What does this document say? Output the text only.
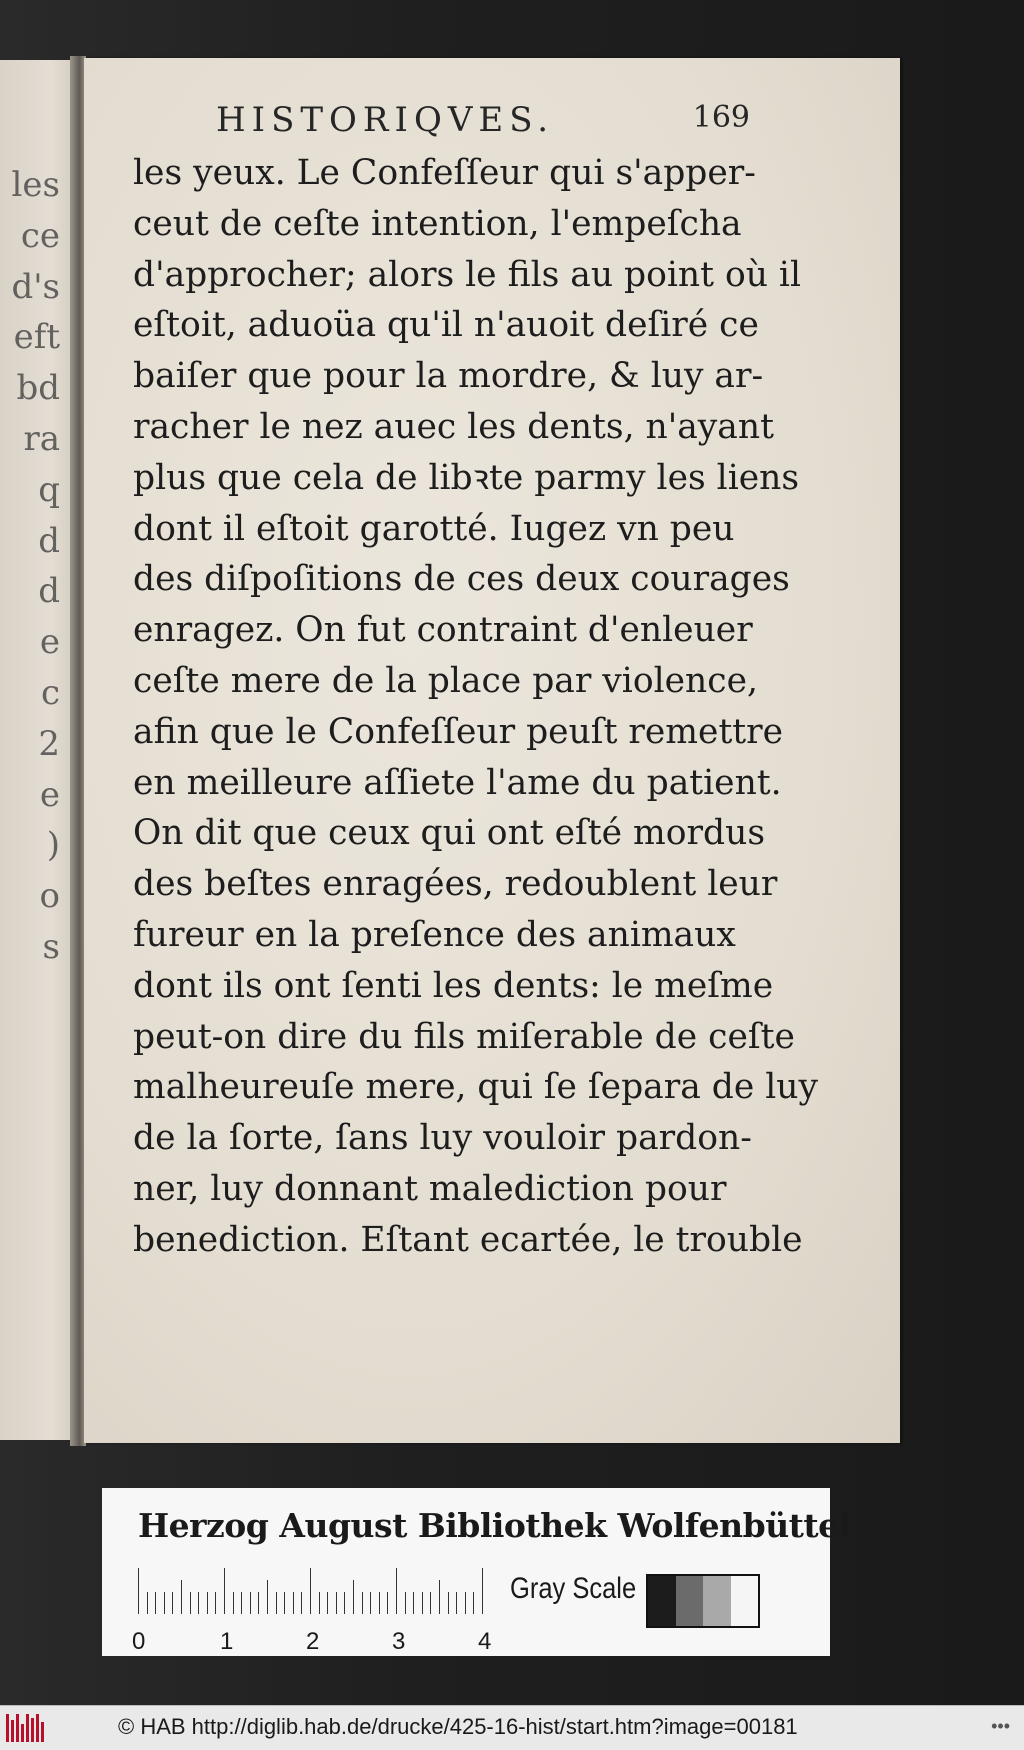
les
ce
d's
eft
bd
ra
q
d
d
e
c
2
e
)
o
s
HISTORIQVES.	169
les yeux. Le Confeſſeur qui s'apper-
ceut de ceſte intention, l'empeſcha
d'approcher; alors le fils au point où il
eſtoit, aduoüa qu'il n'auoit deſiré ce
baiſer que pour la mordre, & luy ar-
racher le nez auec les dents, n'ayant
plus que cela de libꝛte parmy les liens
dont il eſtoit garotté. Iugez vn peu
des diſpoſitions de ces deux courages
enragez. On fut contraint d'enleuer
ceſte mere de la place par violence,
afin que le Confeſſeur peuſt remettre
en meilleure aſſiete l'ame du patient.
On dit que ceux qui ont eſté mordus
des beſtes enragées, redoublent leur
fureur en la preſence des animaux
dont ils ont ſenti les dents: le meſme
peut-on dire du fils miſerable de ceſte
malheureuſe mere, qui ſe ſepara de luy
de la ſorte, ſans luy vouloir pardon-
ner, luy donnant malediction pour
benediction. Eſtant ecartée, le trouble
Herzog August Bibliothek Wolfenbüttel
0	1	2	3	4
Gray Scale
© HAB http://diglib.hab.de/drucke/425-16-hist/start.htm?image=00181	•••
